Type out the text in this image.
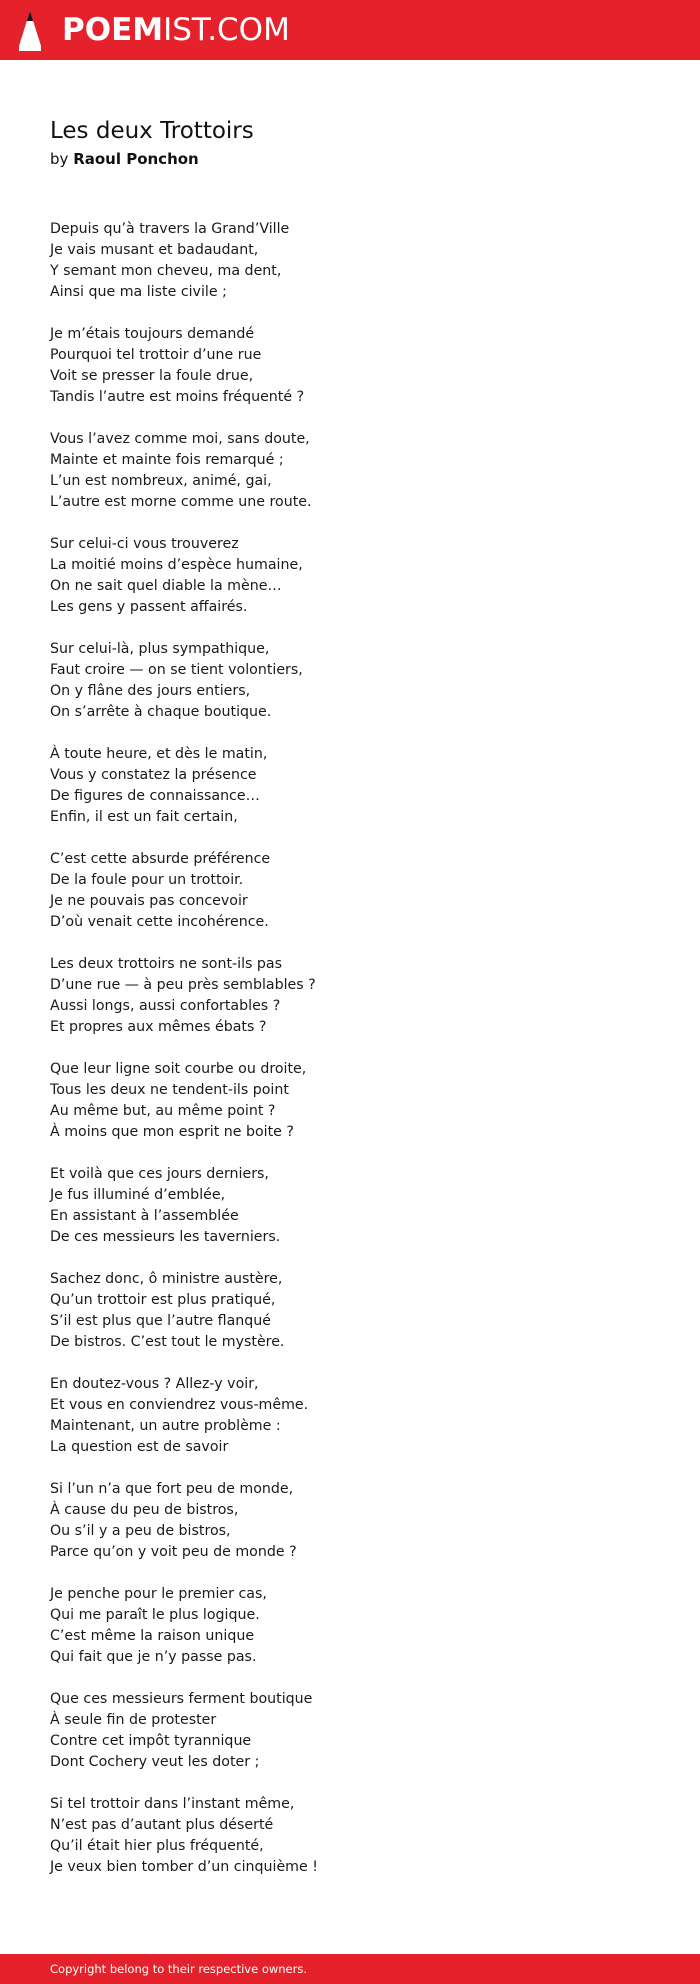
POEMIST.COM
Les deux Trottoirs

by Raoul Ponchon

Depuis qu’à travers la Grand’Ville
Je vais musant et badaudant,
Y semant mon cheveu, ma dent,
Ainsi que ma liste civile ;
Je m’étais toujours demandé
Pourquoi tel trottoir d’une rue
Voit se presser la foule drue,
Tandis l’autre est moins fréquenté ?
Vous l’avez comme moi, sans doute,
Mainte et mainte fois remarqué ;
L’un est nombreux, animé, gai,
L’autre est morne comme une route.
Sur celui-ci vous trouverez
La moitié moins d’espèce humaine,
On ne sait quel diable la mène…
Les gens y passent affairés.
Sur celui-là, plus sympathique,
Faut croire — on se tient volontiers,
On y flâne des jours entiers,
On s’arrête à chaque boutique.
À toute heure, et dès le matin,
Vous y constatez la présence
De figures de connaissance…
Enfin, il est un fait certain,
C’est cette absurde préférence
De la foule pour un trottoir.
Je ne pouvais pas concevoir
D’où venait cette incohérence.
Les deux trottoirs ne sont-ils pas
D’une rue — à peu près semblables ?
Aussi longs, aussi confortables ?
Et propres aux mêmes ébats ?
Que leur ligne soit courbe ou droite,
Tous les deux ne tendent-ils point
Au même but, au même point ?
À moins que mon esprit ne boite ?
Et voilà que ces jours derniers,
Je fus illuminé d’emblée,
En assistant à l’assemblée
De ces messieurs les taverniers.
Sachez donc, ô ministre austère,
Qu’un trottoir est plus pratiqué,
S’il est plus que l’autre flanqué
De bistros. C’est tout le mystère.
En doutez-vous ? Allez-y voir,
Et vous en conviendrez vous-même.
Maintenant, un autre problème :
La question est de savoir
Si l’un n’a que fort peu de monde,
À cause du peu de bistros,
Ou s’il y a peu de bistros,
Parce qu’on y voit peu de monde ?
Je penche pour le premier cas,
Qui me paraît le plus logique.
C’est même la raison unique
Qui fait que je n’y passe pas.
Que ces messieurs ferment boutique
À seule fin de protester
Contre cet impôt tyrannique
Dont Cochery veut les doter ;
Si tel trottoir dans l’instant même,
N’est pas d’autant plus déserté
Qu’il était hier plus fréquenté,
Je veux bien tomber d’un cinquième !
Copyright belong to their respective owners.
